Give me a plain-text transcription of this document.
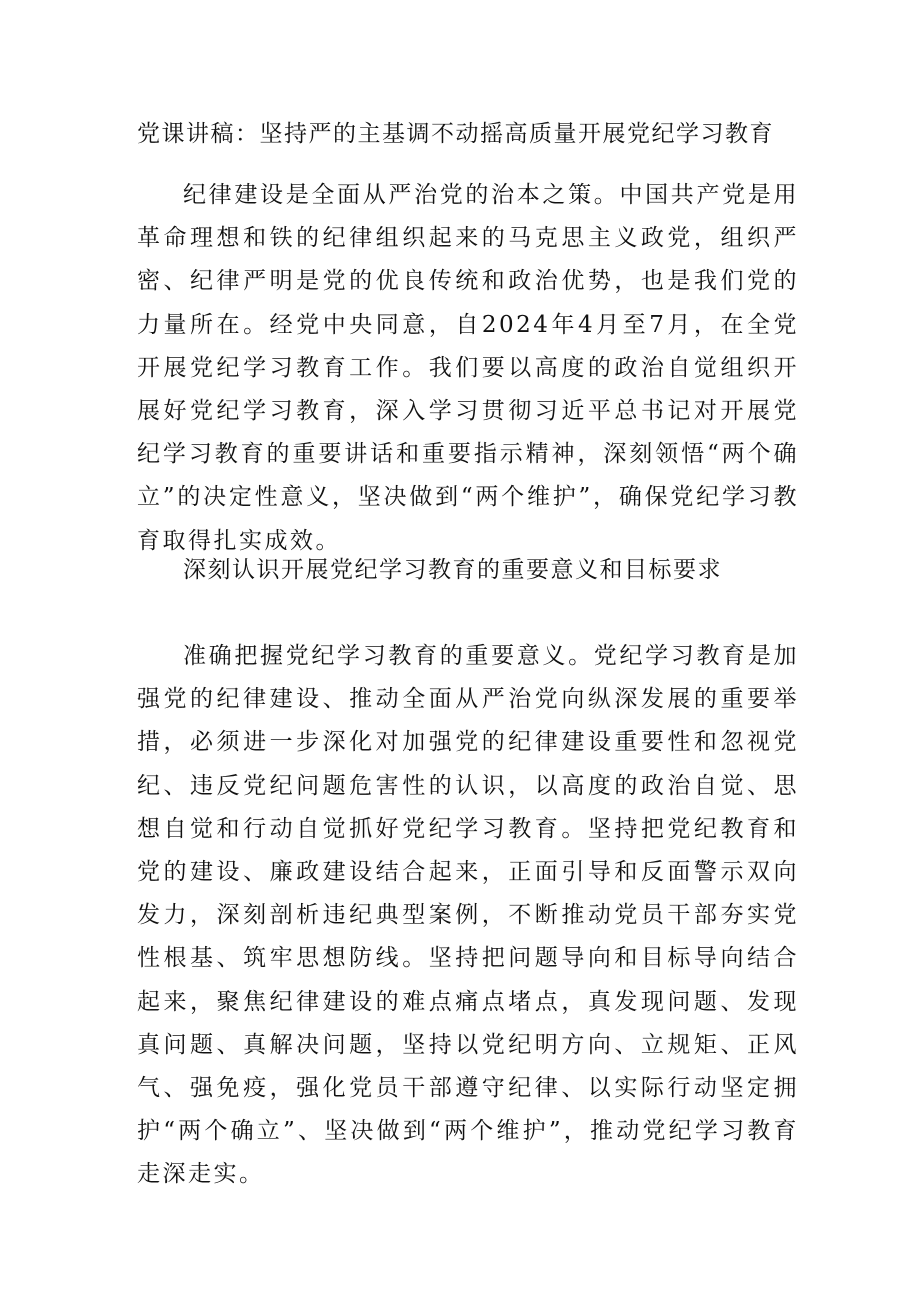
党课讲稿：坚持严的主基调不动摇高质量开展党纪学习教育

纪律建设是全面从严治党的治本之策。中国共产党是用革命理想和铁的纪律组织起来的马克思主义政党，组织严密、纪律严明是党的优良传统和政治优势，也是我们党的力量所在。经党中央同意，自2024年4月至7月，在全党开展党纪学习教育工作。我们要以高度的政治自觉组织开展好党纪学习教育，深入学习贯彻习近平总书记对开展党纪学习教育的重要讲话和重要指示精神，深刻领悟“两个确立”的决定性意义，坚决做到“两个维护”，确保党纪学习教育取得扎实成效。

深刻认识开展党纪学习教育的重要意义和目标要求

准确把握党纪学习教育的重要意义。党纪学习教育是加强党的纪律建设、推动全面从严治党向纵深发展的重要举措，必须进一步深化对加强党的纪律建设重要性和忽视党纪、违反党纪问题危害性的认识，以高度的政治自觉、思想自觉和行动自觉抓好党纪学习教育。坚持把党纪教育和党的建设、廉政建设结合起来，正面引导和反面警示双向发力，深刻剖析违纪典型案例，不断推动党员干部夯实党性根基、筑牢思想防线。坚持把问题导向和目标导向结合起来，聚焦纪律建设的难点痛点堵点，真发现问题、发现真问题、真解决问题，坚持以党纪明方向、立规矩、正风气、强免疫，强化党员干部遵守纪律、以实际行动坚定拥护“两个确立”、坚决做到“两个维护”，推动党纪学习教育走深走实。
